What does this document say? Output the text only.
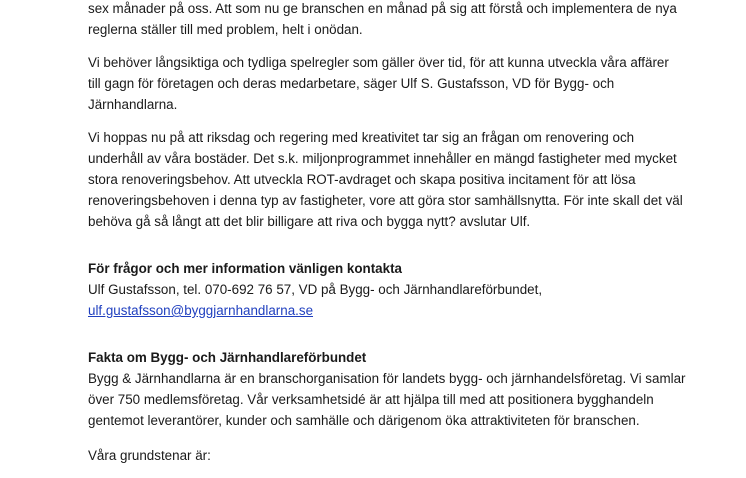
sex månader på oss. Att som nu ge branschen en månad på sig att förstå och implementera de nya
reglerna ställer till med problem, helt i onödan.

Vi behöver långsiktiga och tydliga spelregler som gäller över tid, för att kunna utveckla våra affärer
till gagn för företagen och deras medarbetare, säger Ulf S. Gustafsson, VD för Bygg- och
Järnhandlarna.

Vi hoppas nu på att riksdag och regering med kreativitet tar sig an frågan om renovering och
underhåll av våra bostäder. Det s.k. miljonprogrammet innehåller en mängd fastigheter med mycket
stora renoveringsbehov. Att utveckla ROT-avdraget och skapa positiva incitament för att lösa
renoveringsbehoven i denna typ av fastigheter, vore att göra stor samhällsnytta. För inte skall det väl
behöva gå så långt att det blir billigare att riva och bygga nytt? avslutar Ulf.

För frågor och mer information vänligen kontakta
Ulf Gustafsson, tel. 070-692 76 57, VD på Bygg- och Järnhandlareförbundet,
ulf.gustafsson@byggjarnhandlarna.se

Fakta om Bygg- och Järnhandlareförbundet
Bygg & Järnhandlarna är en branschorganisation för landets bygg- och järnhandelsföretag. Vi samlar
över 750 medlemsföretag. Vår verksamhetsidé är att hjälpa till med att positionera bygghandeln
gentemot leverantörer, kunder och samhälle och därigenom öka attraktiviteten för branschen.

Våra grundstenar är:
